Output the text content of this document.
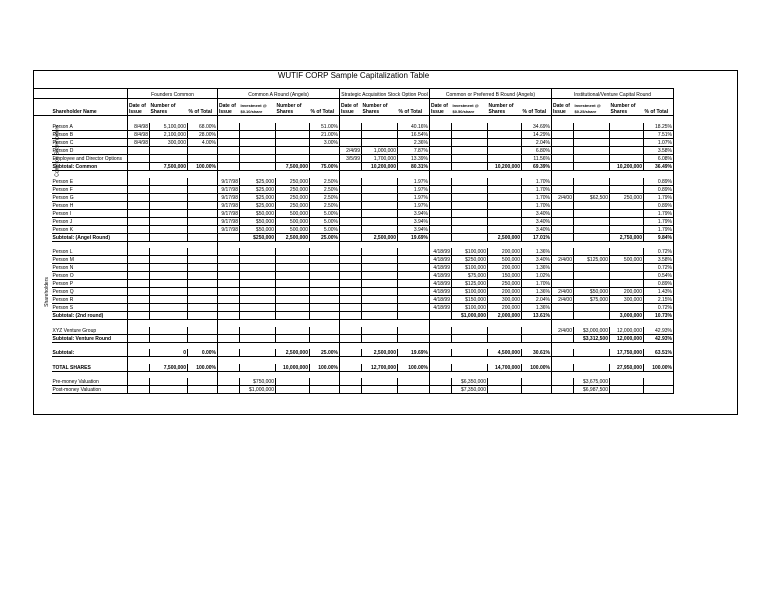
WUTIF CORP Sample Capitalization Table																			

		Founders Common			Common A Round (Angels)				Strategic Acquisition Stock Option Pool			Common or Preferred B Round (Angels)				Institutional/Venture Capital Round			
	Shareholder Name	Date of Issue	Number of Shares	% of Total	Date of Issue	Investment @ $0.10/share	Number of Shares	% of Total	Date of Issue	Number of Shares	% of Total	Date of Issue	Investment @ $0.50/share	Number of Shares	% of Total	Date of Issue	Investment @ $0.25/share	Number of Shares	% of Total

	Person A	8/4/98	5,100,000	68.00%				51.00%			40.16%				34.69%				18.25%
	Person B	8/4/98	2,100,000	28.00%				21.00%			16.54%				14.29%				7.51%
	Person C	8/4/98	300,000	4.00%				3.00%			2.36%				2.04%				1.07%

Common Shareholders	Person D								2/4/99	1,000,000	7.87%				6.80%				3.58%
	Employee and Director Options								3/5/99	1,700,000	13.39%				11.56%				6.08%
	Subtotal: Common		7,500,000	100.00%			7,500,000	75.00%		10,200,000	80.31%			10,200,000	69.39%			10,200,000	36.49%

	Person E				9/17/98	$25,000	250,000	2.50%			1.97%				1.70%				0.89%
	Person F				9/17/98	$25,000	250,000	2.50%			1.97%				1.70%				0.89%
	Person G				9/17/98	$25,000	250,000	2.50%			1.97%				1.70%	2/4/00	$62,500	250,000	1.79%
	Person H				9/17/98	$25,000	250,000	2.50%			1.97%				1.70%				0.89%
	Person I				9/17/98	$50,000	500,000	5.00%			3.94%				3.40%				1.79%
	Person J				9/17/98	$50,000	500,000	5.00%			3.94%				3.40%				1.79%
	Person K				9/17/98	$50,000	500,000	5.00%			3.94%				3.40%				1.79%
	Subtotal: (Angel Round)					$250,000	2,500,000	25.00%		2,500,000	19.69%			2,500,000	17.01%			2,750,000	9.84%

	Person L											4/18/99	$100,000	200,000	1.36%				0.72%
	Person M											4/18/99	$250,000	500,000	3.40%	2/4/00	$125,000	500,000	3.58%
	Person N											4/18/99	$100,000	200,000	1.36%				0.72%
	Person O											4/18/99	$75,000	150,000	1.02%				0.54%
	Person P											4/18/99	$125,000	250,000	1.70%				0.89%

Shareholders	Person Q											4/18/99	$100,000	200,000	1.36%	2/4/00	$50,000	200,000	1.43%
	Person R											4/18/99	$150,000	300,000	2.04%	2/4/00	$75,000	300,000	2.15%
	Person S											4/18/99	$100,000	200,000	1.36%				0.72%
	Subtotal: (2nd round)												$1,000,000	2,000,000	13.61%			3,000,000	10.73%

	XYZ Venture Group															2/4/00	$3,000,000	12,000,000	42.93%
	Subtotal: Venture Round																$3,312,500	12,000,000	42.93%

	Subtotal:		0	0.00%			2,500,000	25.00%		2,500,000	19.69%			4,500,000	30.61%			17,750,000	63.51%

	TOTAL SHARES		7,500,000	100.00%			10,000,000	100.00%		12,700,000	100.00%			14,700,000	100.00%			27,950,000	100.00%

	Pre-money Valuation					$750,000							$6,350,000				$3,675,000		
	Post-money Valuation					$1,000,000							$7,350,000				$6,987,500		
